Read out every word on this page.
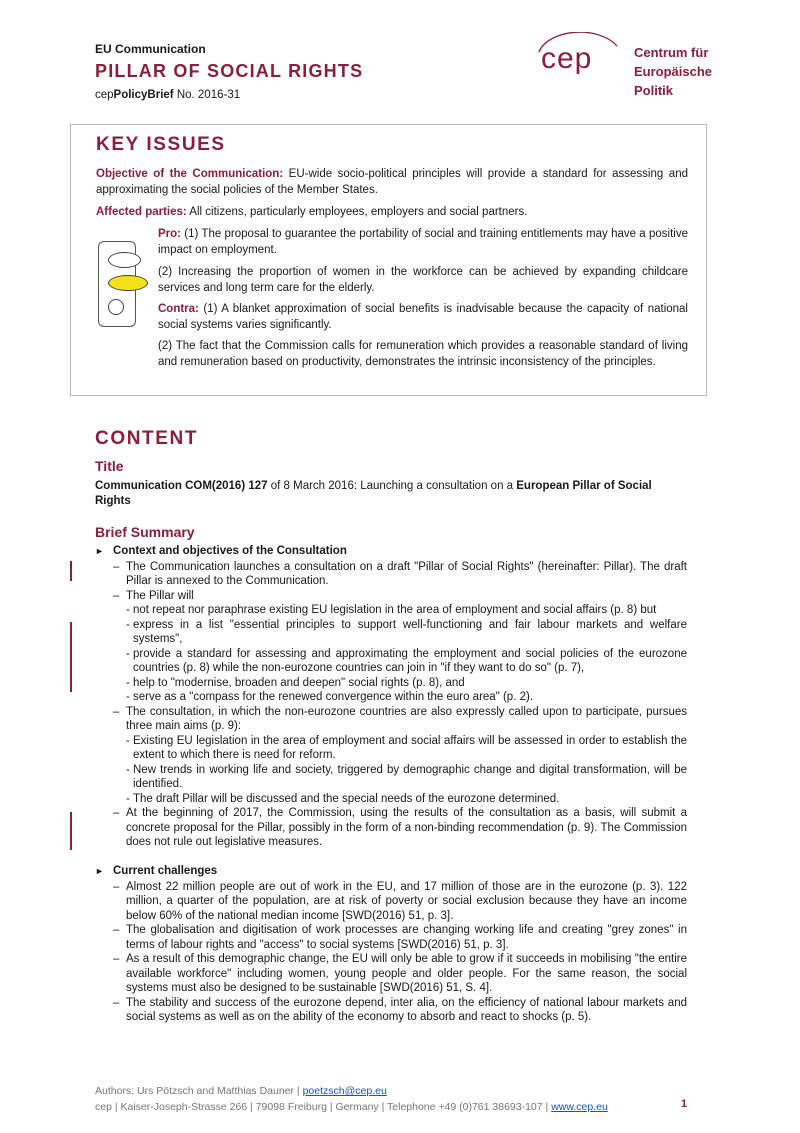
EU Communication
PILLAR OF SOCIAL RIGHTS
cepPolicyBrief No. 2016-31
cep	Centrum für
Europäische Politik
KEY ISSUES
Objective of the Communication: EU-wide socio-political principles will provide a standard for assessing and approximating the social policies of the Member States.
Affected parties: All citizens, particularly employees, employers and social partners.
Pro: (1) The proposal to guarantee the portability of social and training entitlements may have a positive impact on employment.
(2) Increasing the proportion of women in the workforce can be achieved by expanding childcare services and long term care for the elderly.
Contra: (1) A blanket approximation of social benefits is inadvisable because the capacity of national social systems varies significantly.
(2) The fact that the Commission calls for remuneration which provides a reasonable standard of living and remuneration based on productivity, demonstrates the intrinsic inconsistency of the principles.
CONTENT
Title
Communication COM(2016) 127 of 8 March 2016: Launching a consultation on a European Pillar of Social Rights
Brief Summary
► Context and objectives of the Consultation
– The Communication launches a consultation on a draft "Pillar of Social Rights" (hereinafter: Pillar). The draft Pillar is annexed to the Communication.
– The Pillar will
- not repeat nor paraphrase existing EU legislation in the area of employment and social affairs (p. 8) but
- express in a list "essential principles to support well-functioning and fair labour markets and welfare systems",
- provide a standard for assessing and approximating the employment and social policies of the eurozone countries (p. 8) while the non-eurozone countries can join in "if they want to do so" (p. 7),
- help to "modernise, broaden and deepen" social rights (p. 8), and
- serve as a "compass for the renewed convergence within the euro area" (p. 2).
– The consultation, in which the non-eurozone countries are also expressly called upon to participate, pursues three main aims (p. 9):
- Existing EU legislation in the area of employment and social affairs will be assessed in order to establish the extent to which there is need for reform.
- New trends in working life and society, triggered by demographic change and digital transformation, will be identified.
- The draft Pillar will be discussed and the special needs of the eurozone determined.
– At the beginning of 2017, the Commission, using the results of the consultation as a basis, will submit a concrete proposal for the Pillar, possibly in the form of a non-binding recommendation (p. 9). The Commission does not rule out legislative measures.
► Current challenges
– Almost 22 million people are out of work in the EU, and 17 million of those are in the eurozone (p. 3). 122 million, a quarter of the population, are at risk of poverty or social exclusion because they have an income below 60% of the national median income [SWD(2016) 51, p. 3].
– The globalisation and digitisation of work processes are changing working life and creating "grey zones" in terms of labour rights and "access" to social systems [SWD(2016) 51, p. 3].
– As a result of this demographic change, the EU will only be able to grow if it succeeds in mobilising "the entire available workforce" including women, young people and older people. For the same reason, the social systems must also be designed to be sustainable [SWD(2016) 51, S. 4].
– The stability and success of the eurozone depend, inter alia, on the efficiency of national labour markets and social systems as well as on the ability of the economy to absorb and react to shocks (p. 5).
Authors: Urs Pötzsch and Matthias Dauner | poetzsch@cep.eu
cep | Kaiser-Joseph-Strasse 266 | 79098 Freiburg | Germany | Telephone +49 (0)761 38693-107 | www.cep.eu	1
